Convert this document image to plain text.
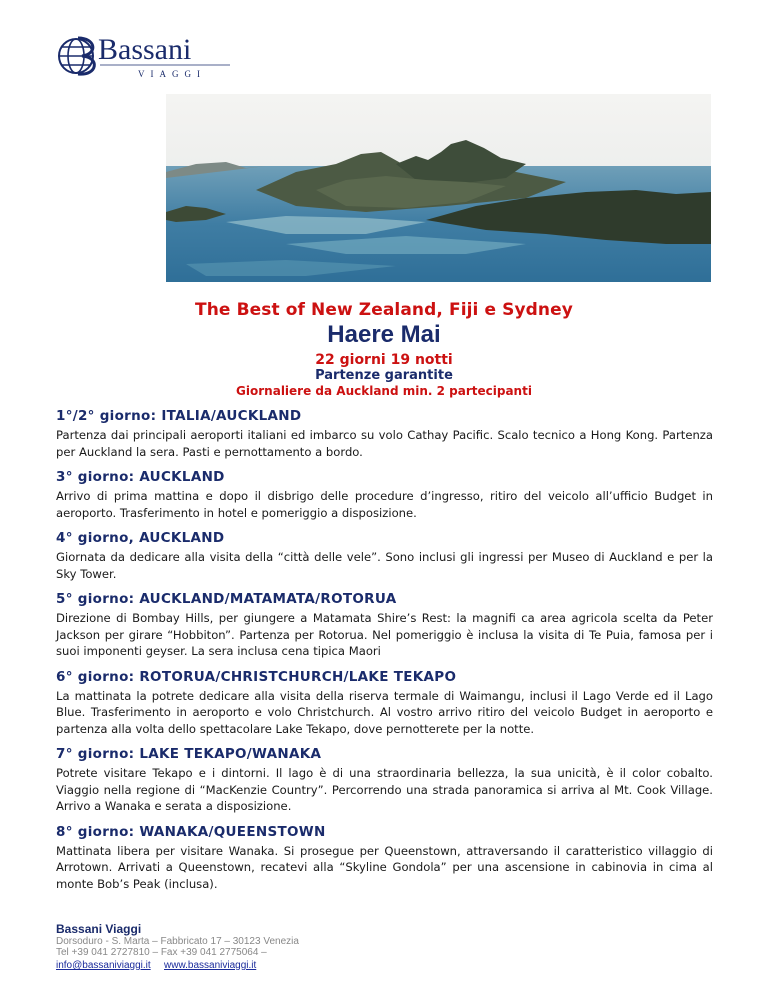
Bassani
VIAGGI
The Best of New Zealand, Fiji e Sydney
Haere Mai
22 giorni 19 notti
Partenze garantite
Giornaliere da Auckland min. 2 partecipanti
1°/2° giorno: ITALIA/AUCKLAND

Partenza dai principali aeroporti italiani ed imbarco su volo Cathay Pacific. Scalo tecnico a Hong Kong. Partenza per Auckland la sera. Pasti e pernottamento a bordo.

3° giorno: AUCKLAND

Arrivo di prima mattina e dopo il disbrigo delle procedure d’ingresso, ritiro del veicolo all’ufficio Budget in aeroporto. Trasferimento in hotel e pomeriggio a disposizione.

4° giorno, AUCKLAND

Giornata da dedicare alla visita della “città delle vele”. Sono inclusi gli ingressi per Museo di Auckland e per la Sky Tower.

5° giorno: AUCKLAND/MATAMATA/ROTORUA

Direzione di Bombay Hills, per giungere a Matamata Shire’s Rest: la magnifi ca area agricola scelta da Peter Jackson per girare “Hobbiton”. Partenza per Rotorua. Nel pomeriggio è inclusa la visita di Te Puia, famosa per i suoi imponenti geyser. La sera inclusa cena tipica Maori

6° giorno: ROTORUA/CHRISTCHURCH/LAKE TEKAPO

La mattinata la potrete dedicare alla visita della riserva termale di Waimangu, inclusi il Lago Verde ed il Lago Blue. Trasferimento in aeroporto e volo Christchurch. Al vostro arrivo ritiro del veicolo Budget in aeroporto e partenza alla volta dello spettacolare Lake Tekapo, dove pernotterete per la notte.

7° giorno: LAKE TEKAPO/WANAKA

Potrete visitare Tekapo e i dintorni. Il lago è di una straordinaria bellezza, la sua unicità, è il color cobalto. Viaggio nella regione di “MacKenzie Country”. Percorrendo una strada panoramica si arriva al Mt. Cook Village. Arrivo a Wanaka e serata a disposizione.

8° giorno: WANAKA/QUEENSTOWN

Mattinata libera per visitare Wanaka. Si prosegue per Queenstown, attraversando il caratteristico villaggio di Arrotown. Arrivati a Queenstown, recatevi alla “Skyline Gondola” per una ascensione in cabinovia in cima al monte Bob’s Peak (inclusa).

Bassani Viaggi
Dorsoduro - S. Marta – Fabbricato 17 – 30123 Venezia
Tel +39 041 2727810 – Fax +39 041 2775064 –
info@bassaniviaggi.it www.bassaniviaggi.it
